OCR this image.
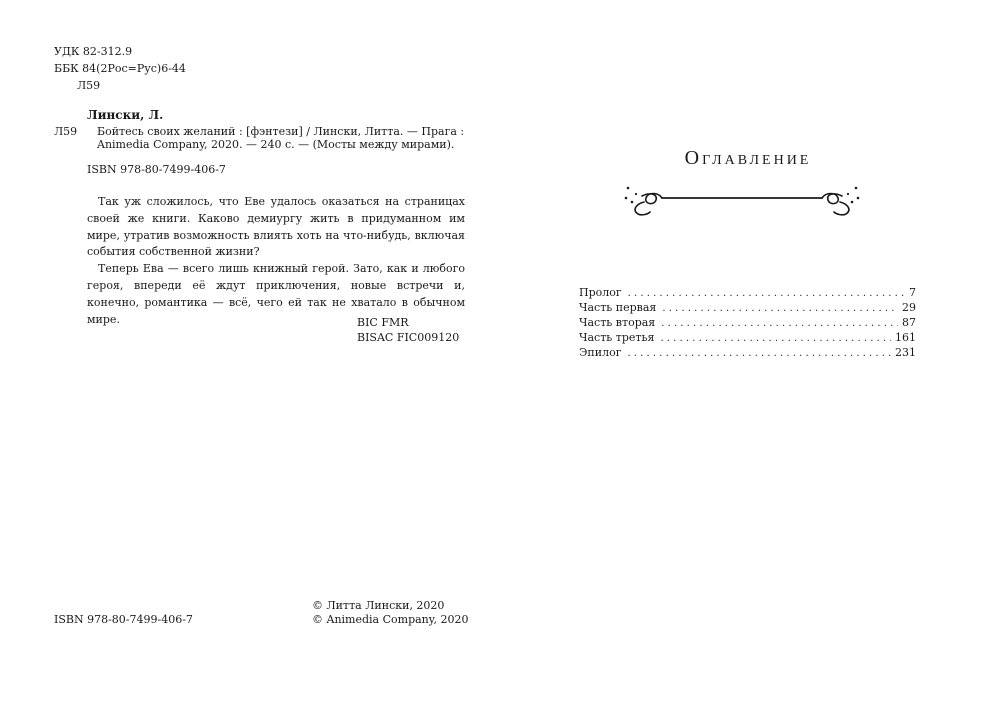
УДК 82-312.9
ББК 84(2Рос=Рус)6-44
Л59
Лински, Л.
Л59 Бойтесь своих желаний : [фэнтези] / Лински, Литта. — Прага :
Animedia Company, 2020. — 240 с. — (Мосты между мирами).
ISBN 978-80-7499-406-7

Так уж сложилось, что Еве удалось оказаться на страницах своей же книги. Каково демиургу жить в придуманном им мире, утратив возможность влиять хоть на что-нибудь, включая события собственной жизни?

Теперь Ева — всего лишь книжный герой. Зато, как и любого героя, впереди её ждут приключения, новые встречи и, конечно, романтика — всё, чего ей так не хватало в обычном мире.	BIC FMR
BISAC FIC009120
ISBN 978-80-7499-406-7
© Литта Лински, 2020
© Animedia Company, 2020
Оглавление
Пролог . . .	7
Часть первая . . .	29
Часть вторая . . .	87
Часть третья . . .	161
Эпилог . . .	231
